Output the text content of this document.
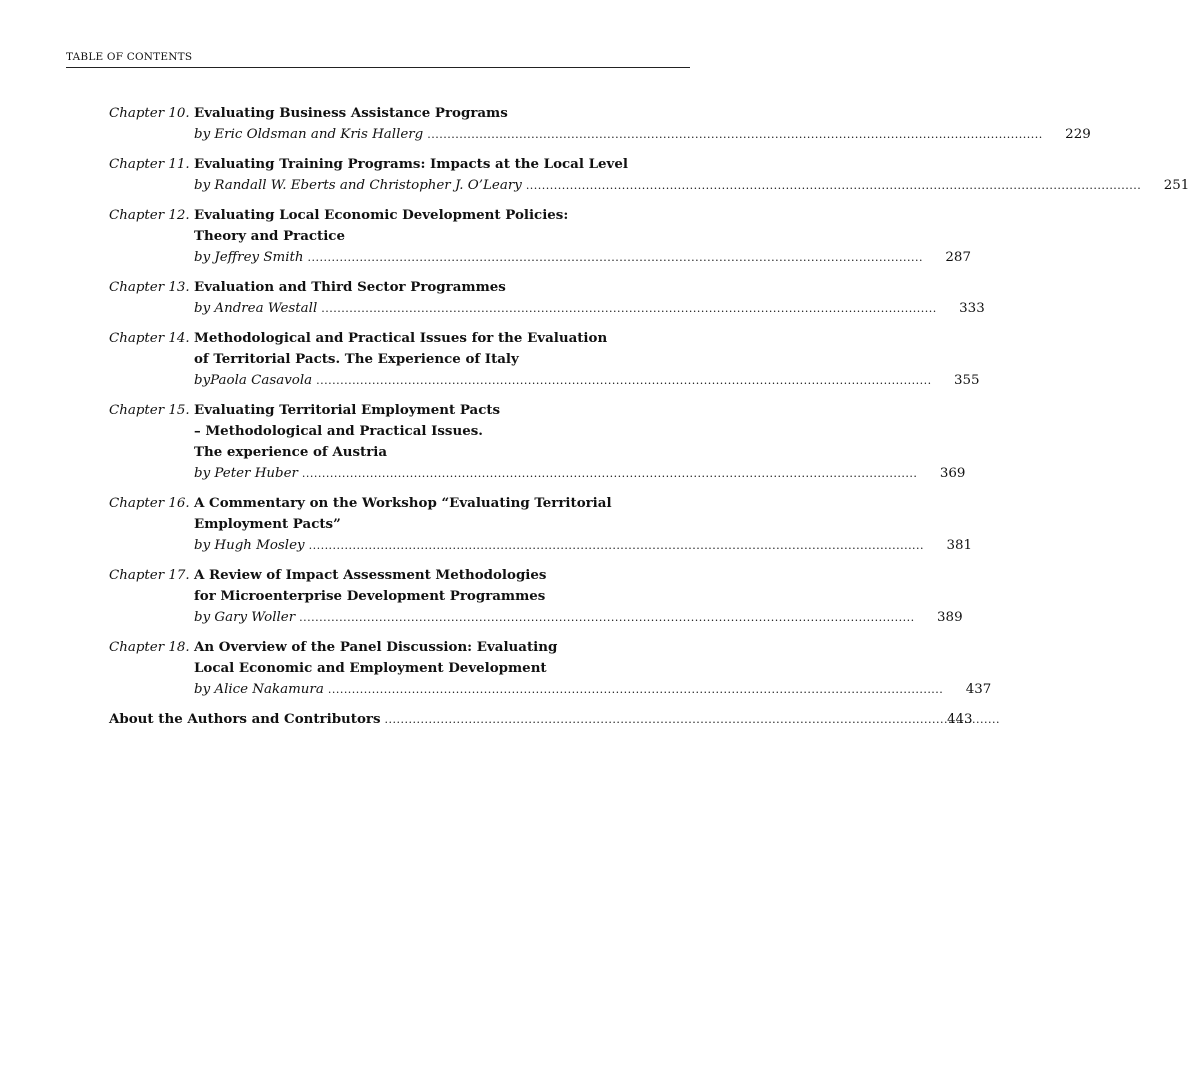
TABLE OF CONTENTS
Chapter 10. Evaluating Business Assistance Programs
by Eric Oldsman and Kris Hallerg .....	229
Chapter 11. Evaluating Training Programs: Impacts at the Local Level
by Randall W. Eberts and Christopher J. O’Leary .....	251
Chapter 12. Evaluating Local Economic Development Policies:
Theory and Practice
by Jeffrey Smith .....	287
Chapter 13. Evaluation and Third Sector Programmes
by Andrea Westall .....	333
Chapter 14. Methodological and Practical Issues for the Evaluation
of Territorial Pacts. The Experience of Italy
byPaola Casavola .....	355
Chapter 15. Evaluating Territorial Employment Pacts
– Methodological and Practical Issues.
The experience of Austria
by Peter Huber .....	369
Chapter 16. A Commentary on the Workshop “Evaluating Territorial
Employment Pacts”
by Hugh Mosley .....	381
Chapter 17. A Review of Impact Assessment Methodologies
for Microenterprise Development Programmes
by Gary Woller .....	389
Chapter 18. An Overview of the Panel Discussion: Evaluating
Local Economic and Employment Development
by Alice Nakamura .....	437
About the Authors and Contributors .....	443
